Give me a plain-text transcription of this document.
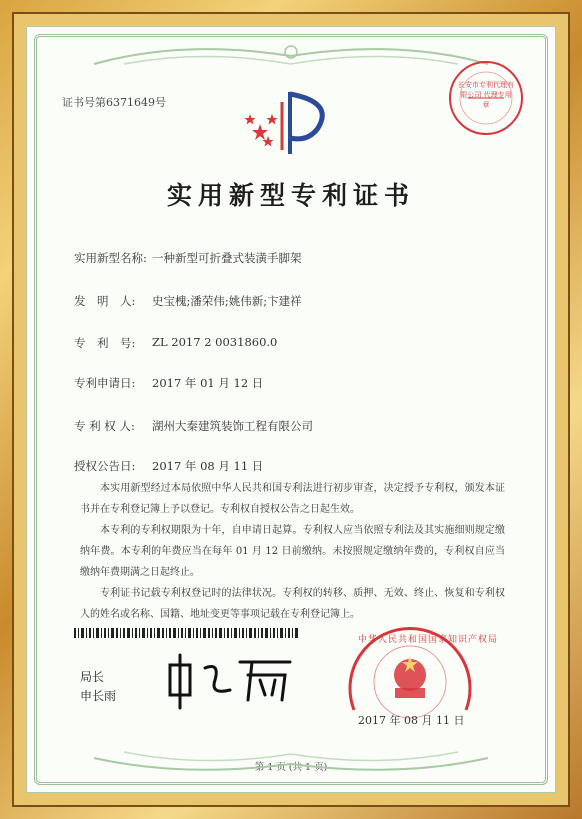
证书号第6371649号
长安市专利代理有限公司 代理专用章
实用新型专利证书
实用新型名称: 一种新型可折叠式装潢手脚架
发　明　人:	史宝槐;潘荣伟;姚伟新;卞建祥
专　利　号:	ZL 2017 2 0031860.0
专利申请日:	2017 年 01 月 12 日
专 利 权 人:	湖州大秦建筑装饰工程有限公司
授权公告日:	2017 年 08 月 11 日

本实用新型经过本局依照中华人民共和国专利法进行初步审查，决定授予专利权，颁发本证书并在专利登记簿上予以登记。专利权自授权公告之日起生效。

本专利的专利权期限为十年，自申请日起算。专利权人应当依照专利法及其实施细则规定缴纳年费。本专利的年费应当在每年 01 月 12 日前缴纳。未按照规定缴纳年费的，专利权自应当缴纳年费期满之日起终止。

专利证书记载专利权登记时的法律状况。专利权的转移、质押、无效、终止、恢复和专利权人的姓名或名称、国籍、地址变更等事项记载在专利登记簿上。

局长
申长雨
中华人民共和国国家知识产权局
2017 年 08 月 11 日
第 1 页 (共 1 页)
